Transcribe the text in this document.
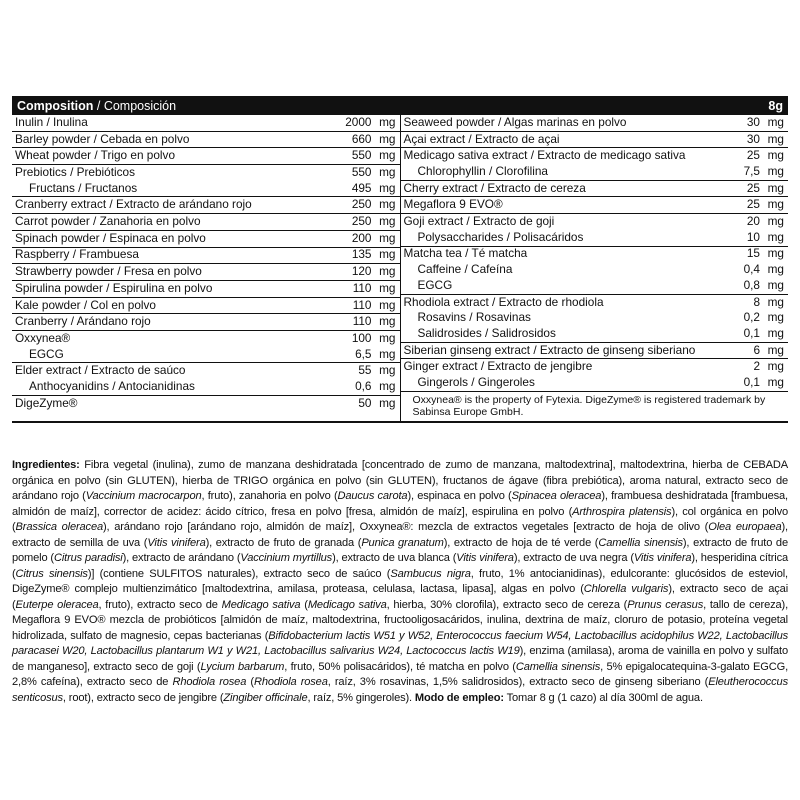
Composition / Composición	8g
Inulin / Inulina	2000 mg
Barley powder / Cebada en polvo	660 mg
Wheat powder / Trigo en polvo	550 mg
Prebiotics / Prebióticos	550 mg
Fructans / Fructanos	495 mg
Cranberry extract / Extracto de arándano rojo	250 mg
Carrot powder / Zanahoria en polvo	250 mg
Spinach powder / Espinaca en polvo	200 mg
Raspberry / Frambuesa	135 mg
Strawberry powder / Fresa en polvo	120 mg
Spirulina powder / Espirulina en polvo	110 mg
Kale powder / Col en polvo	110 mg
Cranberry / Arándano rojo	110 mg
Oxxynea®	100 mg
EGCG	6,5 mg
Elder extract / Extracto de saúco	55 mg
Anthocyanidins / Antocianidinas	0,6 mg
DigeZyme®	50 mg
Seaweed powder / Algas marinas en polvo	30 mg
Açai extract / Extracto de açai	30 mg
Medicago sativa extract / Extracto de medicago sativa	25 mg
Chlorophyllin / Clorofilina	7,5 mg
Cherry extract / Extracto de cereza	25 mg
Megaflora 9 EVO®	25 mg
Goji extract / Extracto de goji	20 mg
Polysaccharides / Polisacáridos	10 mg
Matcha tea / Té matcha	15 mg
Caffeine / Cafeína	0,4 mg
EGCG	0,8 mg
Rhodiola extract / Extracto de rhodiola	8 mg
Rosavins / Rosavinas	0,2 mg
Salidrosides / Salidrosidos	0,1 mg
Siberian ginseng extract / Extracto de ginseng siberiano	6 mg
Ginger extract / Extracto de jengibre	2 mg
Gingerols / Gingeroles	0,1 mg
Oxxynea® is the property of Fytexia. DigeZyme® is registered trademark by Sabinsa Europe GmbH.
Ingredientes: Fibra vegetal (inulina), zumo de manzana deshidratada [concentrado de zumo de manzana, maltodextrina], maltodextrina, hierba de CEBADA orgánica en polvo (sin GLUTEN), hierba de TRIGO orgánica en polvo (sin GLUTEN), fructanos de ágave (fibra prebiótica), aroma natural, extracto seco de arándano rojo (Vaccinium macrocarpon, fruto), zanahoria en polvo (Daucus carota), espinaca en polvo (Spinacea oleracea), frambuesa deshidratada [frambuesa, almidón de maíz], corrector de acidez: ácido cítrico, fresa en polvo [fresa, almidón de maíz], espirulina en polvo (Arthrospira platensis), col orgánica en polvo (Brassica oleracea), arándano rojo [arándano rojo, almidón de maíz], Oxxynea®: mezcla de extractos vegetales [extracto de hoja de olivo (Olea europaea), extracto de semilla de uva (Vitis vinifera), extracto de fruto de granada (Punica granatum), extracto de hoja de té verde (Camellia sinensis), extracto de fruto de pomelo (Citrus paradisi), extracto de arándano (Vaccinium myrtillus), extracto de uva blanca (Vitis vinifera), extracto de uva negra (Vitis vinifera), hesperidina cítrica (Citrus sinensis)] (contiene SULFITOS naturales), extracto seco de saúco (Sambucus nigra, fruto, 1% antocianidinas), edulcorante: glucósidos de esteviol, DigeZyme® complejo multienzimático [maltodextrina, amilasa, proteasa, celulasa, lactasa, lipasa], algas en polvo (Chlorella vulgaris), extracto seco de açai (Euterpe oleracea, fruto), extracto seco de Medicago sativa (Medicago sativa, hierba, 30% clorofila), extracto seco de cereza (Prunus cerasus, tallo de cereza), Megaflora 9 EVO® mezcla de probióticos [almidón de maíz, maltodextrina, fructooligosacáridos, inulina, dextrina de maíz, cloruro de potasio, proteína vegetal hidrolizada, sulfato de magnesio, cepas bacterianas (Bifidobacterium lactis W51 y W52, Enterococcus faecium W54, Lactobacillus acidophilus W22, Lactobacillus paracasei W20, Lactobacillus plantarum W1 y W21, Lactobacillus salivarius W24, Lactococcus lactis W19), enzima (amilasa), aroma de vainilla en polvo y sulfato de manganeso], extracto seco de goji (Lycium barbarum, fruto, 50% polisacáridos), té matcha en polvo (Camellia sinensis, 5% epigalocatequina-3-galato EGCG, 2,8% cafeína), extracto seco de Rhodiola rosea (Rhodiola rosea, raíz, 3% rosavinas, 1,5% salidrosidos), extracto seco de ginseng siberiano (Eleutherococcus senticosus, root), extracto seco de jengibre (Zingiber officinale, raíz, 5% gingeroles). Modo de empleo: Tomar 8 g (1 cazo) al día 300ml de agua.
